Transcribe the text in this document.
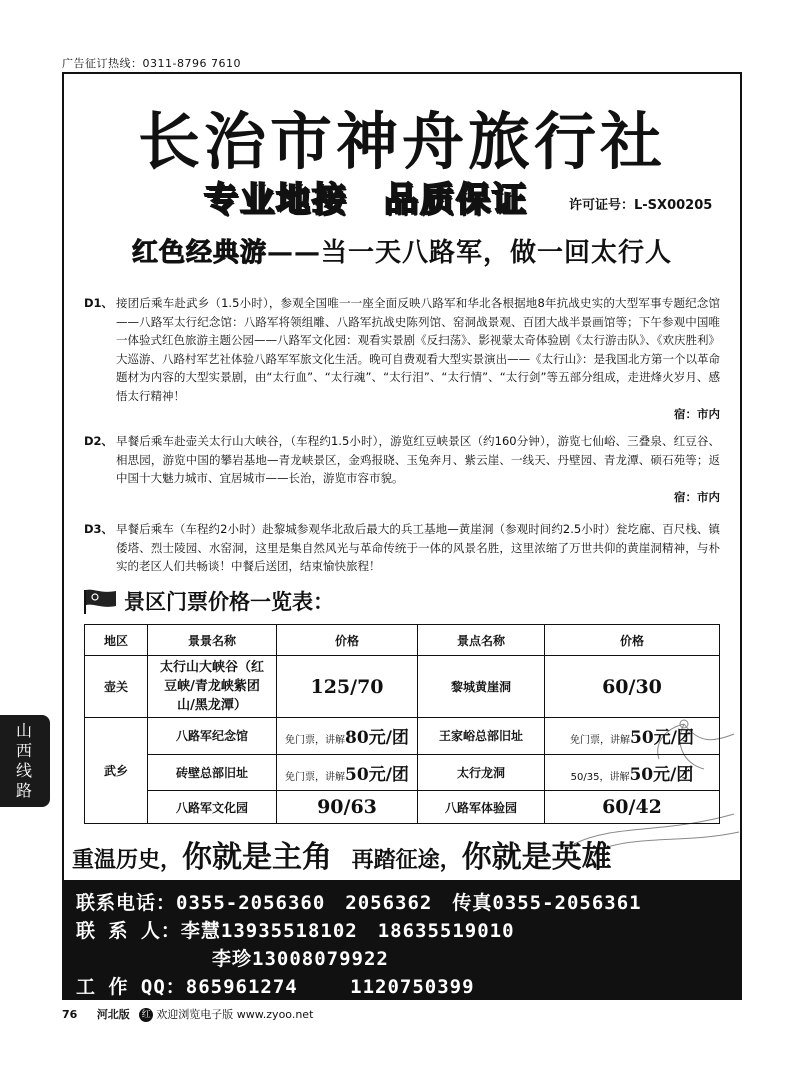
广告征订热线：0311-8796 7610
长治市神舟旅行社
专业地接 品质保证	许可证号：L-SX00205
红色经典游——当一天八路军，做一回太行人
D1、 接团后乘车赴武乡（1.5小时），参观全国唯一一座全面反映八路军和华北各根据地8年抗战史实的大型军事专题纪念馆——八路军太行纪念馆：八路军将领组雕、八路军抗战史陈列馆、窑洞战景观、百团大战半景画馆等；下午参观中国唯一体验式红色旅游主题公园——八路军文化园：观看实景剧《反扫荡》、影视蒙太奇体验剧《太行游击队》、《欢庆胜利》大巡游、八路村军艺社体验八路军军旅文化生活。晚可自费观看大型实景演出——《太行山》：是我国北方第一个以革命题材为内容的大型实景剧，由“太行血”、“太行魂”、“太行泪”、“太行情”、“太行剑”等五部分组成，走进烽火岁月、感悟太行精神！
宿：市内
D2、 早餐后乘车赴壶关太行山大峡谷，（车程约1.5小时），游览红豆峡景区（约160分钟），游览七仙峪、三叠泉、红豆谷、相思园，游览中国的攀岩基地—青龙峡景区，金鸡报晓、玉兔奔月、紫云崖、一线天、丹壁园、青龙潭、硕石苑等；返中国十大魅力城市、宜居城市——长治，游览市容市貌。
宿：市内
D3、 早餐后乘车（车程约2小时）赴黎城参观华北敌后最大的兵工基地—黄崖洞（参观时间约2.5小时）瓮圪廊、百尺栈、镇倭塔、烈士陵园、水窑洞，这里是集自然风光与革命传统于一体的风景名胜，这里浓缩了万世共仰的黄崖洞精神，与朴实的老区人们共畅谈！中餐后送团，结束愉快旅程！
景区门票价格一览表：
地区	景景名称	价格	景点名称	价格
壶关	太行山大峡谷（红豆峡/青龙峡紫团山/黑龙潭）	125/70	黎城黄崖洞	60/30
武乡	八路军纪念馆	免门票，讲解80元/团	王家峪总部旧址	免门票，讲解50元/团
	砖壁总部旧址	免门票，讲解50元/团	太行龙洞	50/35，讲解50元/团
	八路军文化园	90/63	八路军体验园	60/42
重温历史，你就是主角 再踏征途，你就是英雄
联系电话：0355-2056360　2056362　传真0355-2056361
联 系 人：李慧13935518102　18635519010
李珍13008079922
工 作 QQ：865961274　　 1120750399
山西线路
76 河北版 红 欢迎浏览电子版 www.zyoo.net
